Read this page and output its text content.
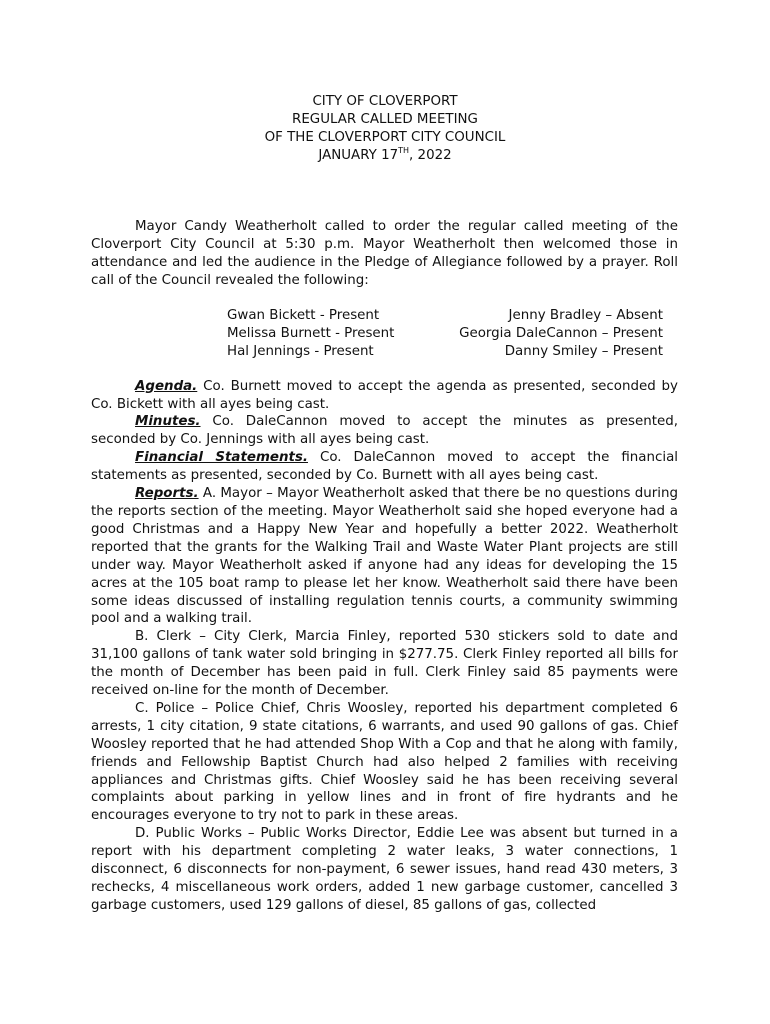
CITY OF CLOVERPORT
REGULAR CALLED MEETING
OF THE CLOVERPORT CITY COUNCIL
JANUARY 17TH, 2022

Mayor Candy Weatherholt called to order the regular called meeting of the Cloverport City Council at 5:30 p.m. Mayor Weatherholt then welcomed those in attendance and led the audience in the Pledge of Allegiance followed by a prayer. Roll call of the Council revealed the following:

Gwan Bickett - Present	Jenny Bradley – Absent
Melissa Burnett - Present	Georgia DaleCannon – Present
Hal Jennings - Present	Danny Smiley – Present

Agenda. Co. Burnett moved to accept the agenda as presented, seconded by Co. Bickett with all ayes being cast.

Minutes. Co. DaleCannon moved to accept the minutes as presented, seconded by Co. Jennings with all ayes being cast.

Financial Statements. Co. DaleCannon moved to accept the financial statements as presented, seconded by Co. Burnett with all ayes being cast.

Reports. A. Mayor – Mayor Weatherholt asked that there be no questions during the reports section of the meeting. Mayor Weatherholt said she hoped everyone had a good Christmas and a Happy New Year and hopefully a better 2022. Weatherholt reported that the grants for the Walking Trail and Waste Water Plant projects are still under way. Mayor Weatherholt asked if anyone had any ideas for developing the 15 acres at the 105 boat ramp to please let her know. Weatherholt said there have been some ideas discussed of installing regulation tennis courts, a community swimming pool and a walking trail.

B. Clerk – City Clerk, Marcia Finley, reported 530 stickers sold to date and 31,100 gallons of tank water sold bringing in $277.75. Clerk Finley reported all bills for the month of December has been paid in full. Clerk Finley said 85 payments were received on-line for the month of December.

C. Police – Police Chief, Chris Woosley, reported his department completed 6 arrests, 1 city citation, 9 state citations, 6 warrants, and used 90 gallons of gas. Chief Woosley reported that he had attended Shop With a Cop and that he along with family, friends and Fellowship Baptist Church had also helped 2 families with receiving appliances and Christmas gifts. Chief Woosley said he has been receiving several complaints about parking in yellow lines and in front of fire hydrants and he encourages everyone to try not to park in these areas.

D. Public Works – Public Works Director, Eddie Lee was absent but turned in a report with his department completing 2 water leaks, 3 water connections, 1 disconnect, 6 disconnects for non-payment, 6 sewer issues, hand read 430 meters, 3 rechecks, 4 miscellaneous work orders, added 1 new garbage customer, cancelled 3 garbage customers, used 129 gallons of diesel, 85 gallons of gas, collected
